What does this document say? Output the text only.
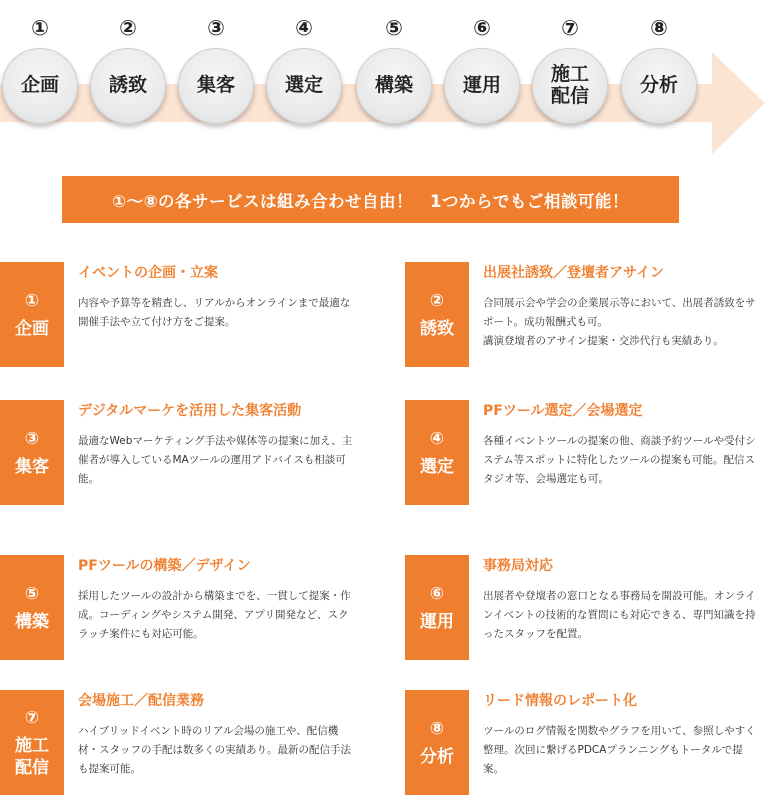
①
企画
②
誘致
③
集客
④
選定
⑤
構築
⑥
運用
⑦
施工
配信
⑧
分析
①～⑧の各サービスは組み合わせ自由！　1つからでもご相談可能！
①
企画
イベントの企画・立案
内容や予算等を精査し、リアルからオンラインまで最適な開催手法や立て付け方をご提案。
②
誘致
出展社誘致／登壇者アサイン
合同展示会や学会の企業展示等において、出展者誘致をサポート。成功報酬式も可。
講演登壇者のアサイン提案・交渉代行も実績あり。
③
集客
デジタルマーケを活用した集客活動
最適なWebマーケティング手法や媒体等の提案に加え、主催者が導入しているMAツールの運用アドバイスも相談可能。
④
選定
PFツール選定／会場選定
各種イベントツールの提案の他、商談予約ツールや受付システム等スポットに特化したツールの提案も可能。配信スタジオ等、会場選定も可。
⑤
構築
PFツールの構築／デザイン
採用したツールの設計から構築までを、一貫して提案・作成。コーディングやシステム開発、アプリ開発など、スクラッチ案件にも対応可能。
⑥
運用
事務局対応
出展者や登壇者の窓口となる事務局を開設可能。オンラインイベントの技術的な質問にも対応できる、専門知識を持ったスタッフを配置。
⑦
施工
配信
会場施工／配信業務
ハイブリッドイベント時のリアル会場の施工や、配信機材・スタッフの手配は数多くの実績あり。最新の配信手法も提案可能。
⑧
分析
リード情報のレポート化
ツールのログ情報を関数やグラフを用いて、参照しやすく整理。次回に繋げるPDCAプランニングもトータルで提案。
